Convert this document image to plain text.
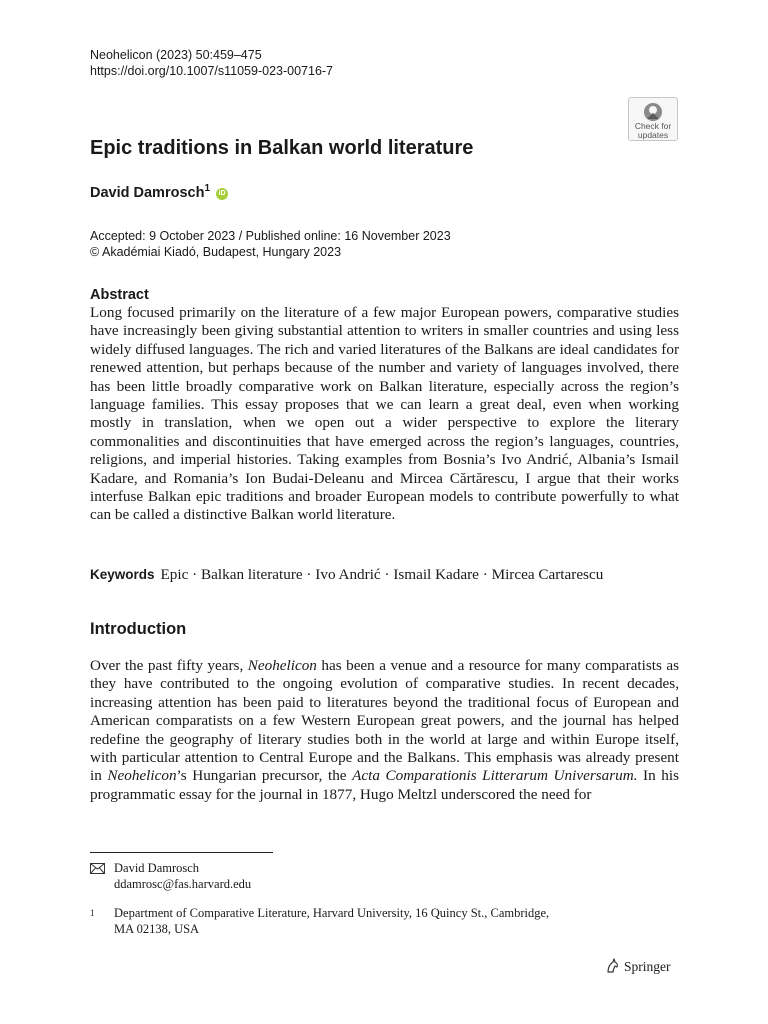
Neohelicon (2023) 50:459–475
https://doi.org/10.1007/s11059-023-00716-7
Check for
updates
Epic traditions in Balkan world literature
David Damrosch$^1$ iD
Accepted: 9 October 2023 / Published online: 16 November 2023
© Akadémiai Kiadó, Budapest, Hungary 2023
Abstract

Long focused primarily on the literature of a few major European powers, comparative studies have increasingly been giving substantial attention to writers in smaller countries and using less widely diffused languages. The rich and varied literatures of the Balkans are ideal candidates for renewed attention, but perhaps because of the number and variety of languages involved, there has been little broadly comparative work on Balkan literature, especially across the region’s language families. This essay proposes that we can learn a great deal, even when working mostly in translation, when we open out a wider perspective to explore the literary commonalities and discontinuities that have emerged across the region’s languages, countries, religions, and imperial histories. Taking examples from Bosnia’s Ivo Andrić, Albania’s Ismail Kadare, and Romania’s Ion Budai-Deleanu and Mircea Cărtărescu, I argue that their works interfuse Balkan epic traditions and broader European models to contribute powerfully to what can be called a distinctive Balkan world literature.

Keywords Epic · Balkan literature · Ivo Andrić · Ismail Kadare · Mircea Cartarescu
Introduction

Over the past fifty years, Neohelicon has been a venue and a resource for many comparatists as they have contributed to the ongoing evolution of comparative studies. In recent decades, increasing attention has been paid to literatures beyond the traditional focus of European and American comparatists on a few Western European great powers, and the journal has helped redefine the geography of literary studies both in the world at large and within Europe itself, with particular attention to Central Europe and the Balkans. This emphasis was already present in Neohelicon’s Hungarian precursor, the Acta Comparationis Litterarum Universarum. In his programmatic essay for the journal in 1877, Hugo Meltzl underscored the need for

David Damrosch
ddamrosc@fas.harvard.edu
1 Department of Comparative Literature, Harvard University, 16 Quincy St., Cambridge,
MA 02138, USA
Springer
